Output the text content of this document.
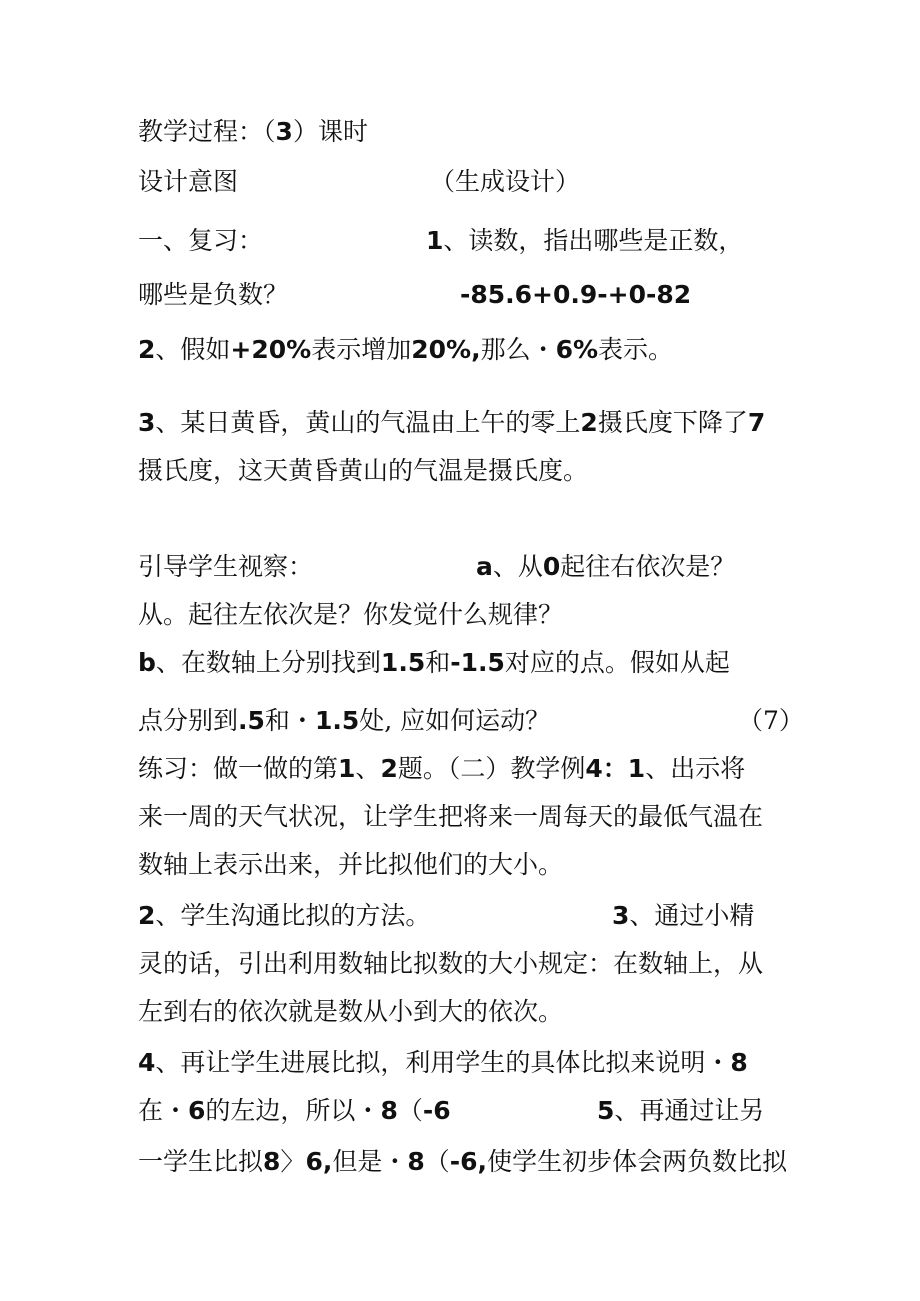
教学过程：（3）课时
设计意图	（生成设计）
一、复习：	1、读数，指出哪些是正数，
哪些是负数？	-85.6+0.9-+0-82
2、假如+20%表示增加20%,那么・6%表示。
3、某日黄昏，黄山的气温由上午的零上2摄氏度下降了7
摄氏度，这天黄昏黄山的气温是摄氏度。
引导学生视察：	a、从0起往右依次是？
从。起往左依次是？你发觉什么规律？
b、在数轴上分别找到1.5和-1.5对应的点。假如从起
点分别到.5和・1.5处, 应如何运动？	（7）
练习：做一做的第1、2题。（二）教学例4：1、出示将
来一周的天气状况，让学生把将来一周每天的最低气温在
数轴上表示出来，并比拟他们的大小。
2、学生沟通比拟的方法。	3、通过小精
灵的话，引出利用数轴比拟数的大小规定：在数轴上，从
左到右的依次就是数从小到大的依次。
4、再让学生进展比拟，利用学生的具体比拟来说明・8
在・6的左边，所以・8（-6	5、再通过让另
一学生比拟8〉6,但是・8（-6,使学生初步体会两负数比拟
